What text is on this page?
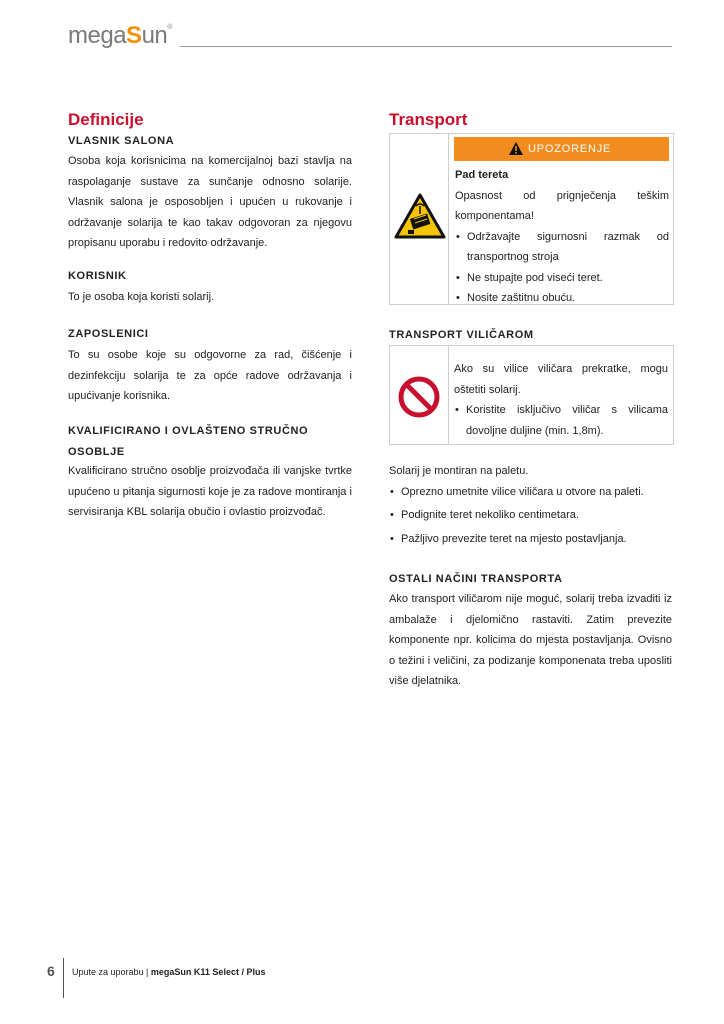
megaSun®
Definicije
VLASNIK SALONA

Osoba koja korisnicima na komercijalnoj bazi stavlja na raspolaganje sustave za sunčanje odnosno solarije. Vlasnik salona je osposobljen i upućen u rukovanje i održavanje solarija te kao takav odgovoran za njegovu propisanu uporabu i redovito održavanje.

KORISNIK

To je osoba koja koristi solarij.

ZAPOSLENICI

To su osobe koje su odgovorne za rad, čišćenje i dezinfekciju solarija te za opće radove održavanja i upućivanje korisnika.

KVALIFICIRANO I OVLAŠTENO STRUČNO
OSOBLJE

Kvalificirano stručno osoblje proizvođača ili vanjske tvrtke upućeno u pitanja sigurnosti koje je za radove montiranja i servisiranja KBL solarija obučio i ovlastio proizvođač.

Transport
UPOZORENJE

Pad tereta

Opasnost od prignječenja teškim komponentama!

• Održavajte sigurnosni razmak od transportnog stroja

• Ne stupajte pod viseći teret.

• Nosite zaštitnu obuću.

TRANSPORT VILIČAROM

Ako su vilice viličara prekratke, mogu oštetiti solarij.

• Koristite isključivo viličar s vilicama dovoljne duljine (min. 1,8m).

Solarij je montiran na paletu.

• Oprezno umetnite vilice viličara u otvore na paleti.

• Podignite teret nekoliko centimetara.

• Pažljivo prevezite teret na mjesto postavljanja.

OSTALI NAČINI TRANSPORTA

Ako transport viličarom nije moguć, solarij treba izvaditi iz ambalaže i djelomično rastaviti. Zatim prevezite komponente npr. kolicima do mjesta postavljanja. Ovisno o težini i veličini, za podizanje komponenata treba uposliti više djelatnika.

6 Upute za uporabu | megaSun K11 Select / Plus
